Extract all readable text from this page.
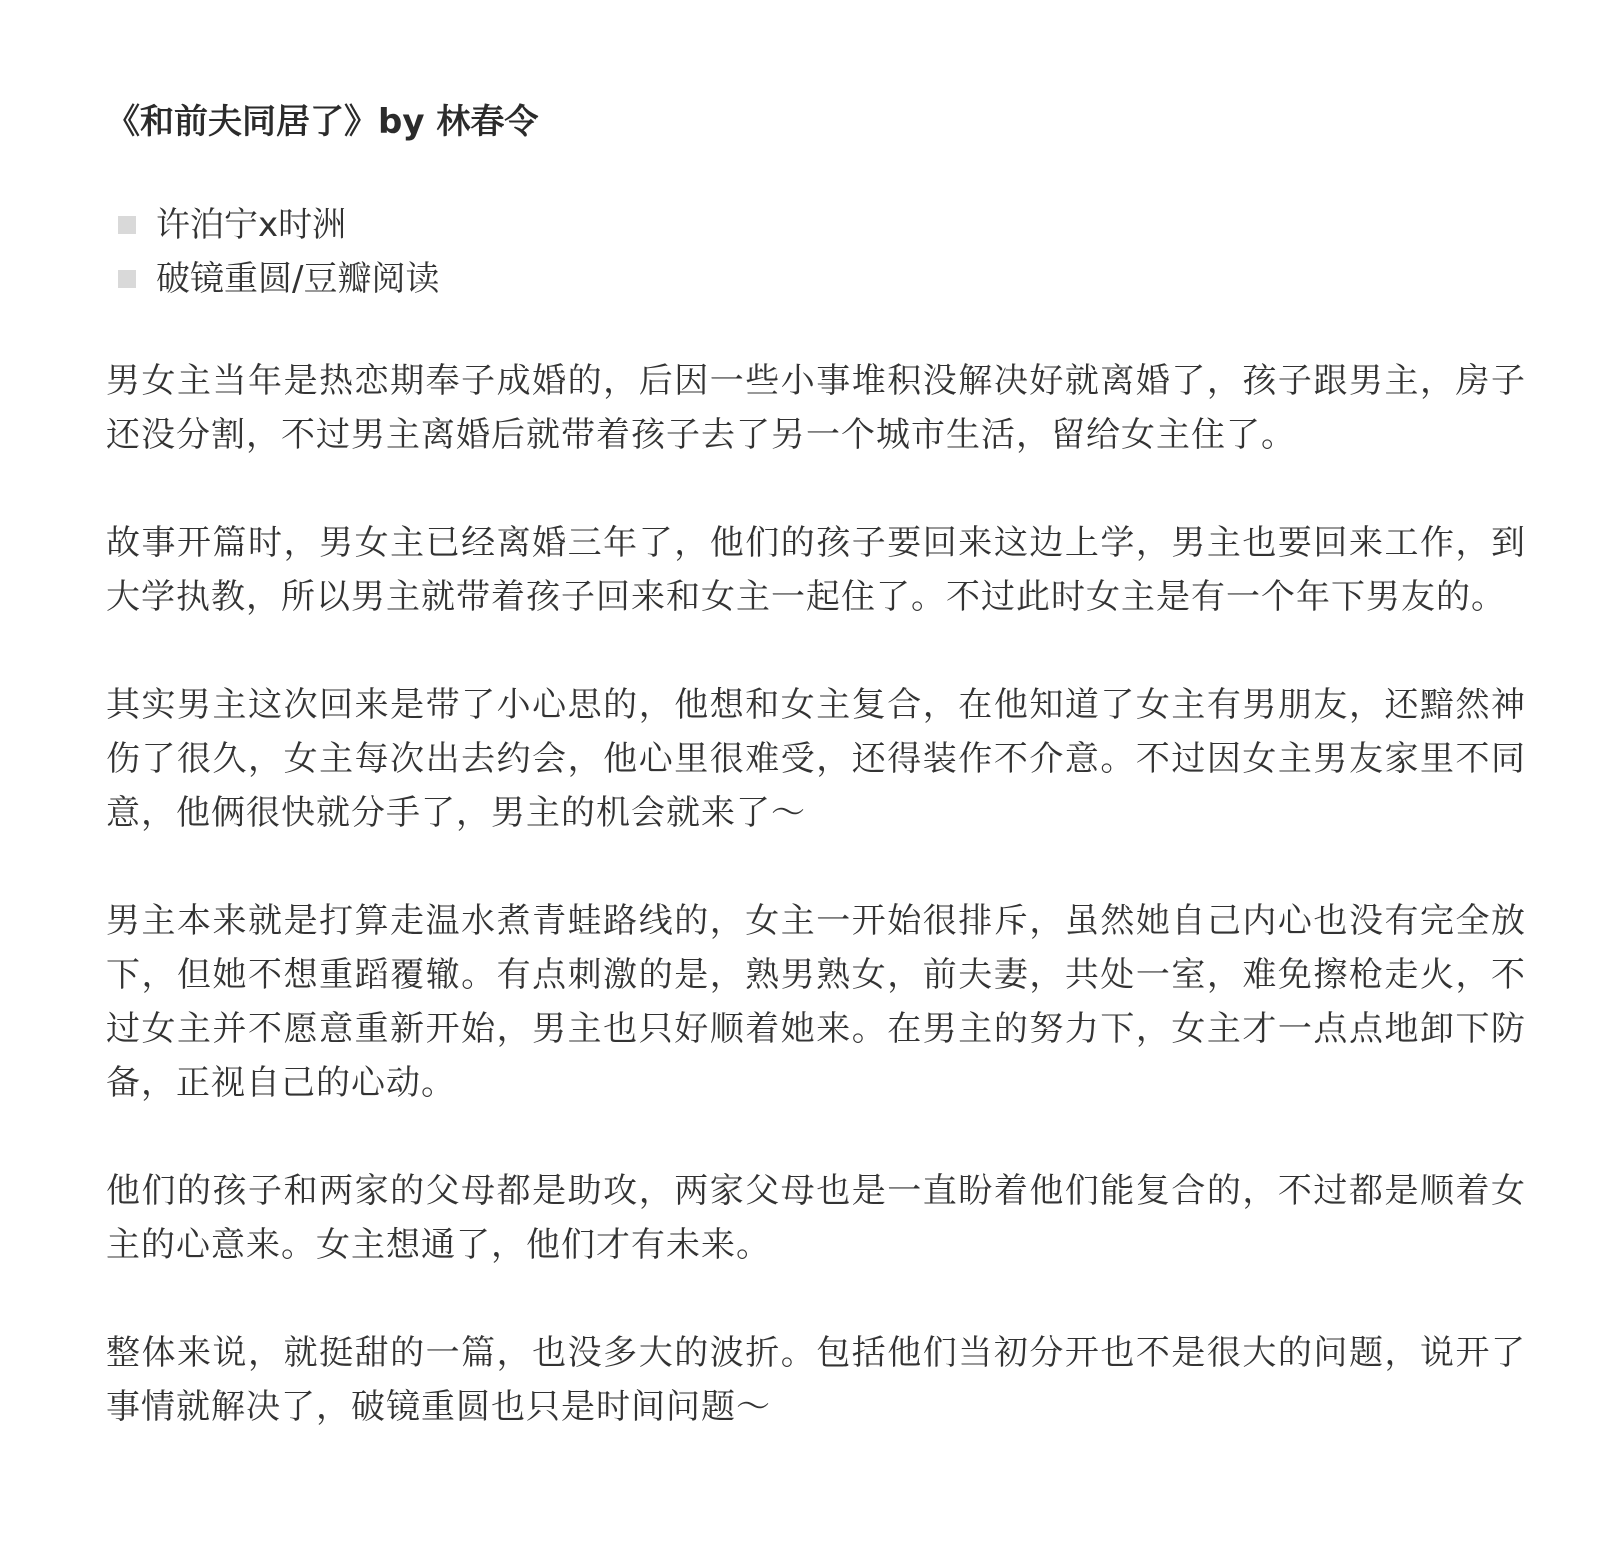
《和前夫同居了》by 林春令
许泊宁x时洲
破镜重圆/豆瓣阅读

男女主当年是热恋期奉子成婚的，后因一些小事堆积没解决好就离婚了，孩子跟男主，房子还没分割，不过男主离婚后就带着孩子去了另一个城市生活，留给女主住了。

故事开篇时，男女主已经离婚三年了，他们的孩子要回来这边上学，男主也要回来工作，到大学执教，所以男主就带着孩子回来和女主一起住了。不过此时女主是有一个年下男友的。

其实男主这次回来是带了小心思的，他想和女主复合，在他知道了女主有男朋友，还黯然神伤了很久，女主每次出去约会，他心里很难受，还得装作不介意。不过因女主男友家里不同意，他俩很快就分手了，男主的机会就来了～

男主本来就是打算走温水煮青蛙路线的，女主一开始很排斥，虽然她自己内心也没有完全放下，但她不想重蹈覆辙。有点刺激的是，熟男熟女，前夫妻，共处一室，难免擦枪走火，不过女主并不愿意重新开始，男主也只好顺着她来。在男主的努力下，女主才一点点地卸下防备，正视自己的心动。

他们的孩子和两家的父母都是助攻，两家父母也是一直盼着他们能复合的，不过都是顺着女主的心意来。女主想通了，他们才有未来。

整体来说，就挺甜的一篇，也没多大的波折。包括他们当初分开也不是很大的问题，说开了事情就解决了，破镜重圆也只是时间问题～
